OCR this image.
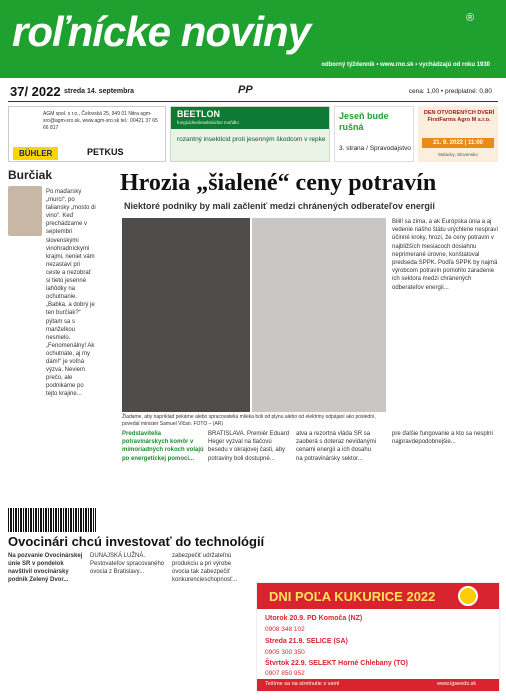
roľnícke noviny	®
odborný týždenník • www.rno.sk • vychádzajú od roku 1930
37/ 2022 streda 14. septembra	PP	cena: 1,00 • predplatné: 0,80
AGM spol. s r.o., Čelovská 25, 949 01 Nitra agm-sro@agm-sro.sk, www.agm-sro.sk tel.: 00421 37 65 66 817
BÜHLER	PETKUS
BEETLON
fungicídne/insekticídne mořidlo
rozantný insekticid proti jesenným škodcom v repke
Jeseň bude rušná
3. strana / Spravodajstvo
DEN OTVORENÝCH DVERÍ FirstFarms Agro M s.r.o.
21. 9. 2022 | 11:00
Malacky, Slovensko
Burčiak
Po maďarsky „murci“, po taliansky „mosto di vino“. Keď prechádzame v septembri slovenskými vinohradníckymi krajmi, neniet vám nezastaví pri ceste a nezobrať si tieto jesenné lahôdky na ochutnanie. „Babka, a dobrý je ten burčiak?“ pýtam sa s manželkou nesmelo. „Fenomenálny! Ak ochutnáte, aj my dám!“ je voľná výzva. Neviem prečo, ale podnikáme po tejto krajine...
Hrozia „šialené“ ceny potravín
Niektoré podniky by mali začleniť medzi chránených odberateľov energií
Žiadame, aby napríklad pekárne alebo spracovatelia mlieka boli od plynu alebo od elektriny odpájaní ako poslední, povedal minister Samuel Vlčan. FOTO – (AR)
Bililí sa zima, a ak Európska únia a aj vedenie nášho štátu urýchlene nespraví účinné kroky, hrozí, že ceny potravín v najbližších mesiacoch dosiahnu neprimerané úrovne, konštatoval predseda SPPK. Podľa SPPK by najmä výrobcom potravín pomohlo zaradenie ich sektora medzi chránených odberateľov energií...
Predstavitelia potravinárskych komôr v mimoriadných rokoch volajú po energetickej pomoci...
BRATISLAVA. Premiér Eduard Heger vyzval na tlačovú besedu v okrajovej časti, aby potraviny boli dostupné...
atva a rezortná vláda SR sa zaoberá s doteraz nevidanými cenami energií a ich dosahu na potravinársky sektor...
pre ďalšie fungovanie a kto sa nesplní najpravdepodobnejšie...
Ovocinári chcú investovať do technológií
Na pozvanie Ovocinárskej únie SR v pondelok navštívil ovocinársky podnik Zelený Dvor...
DUNAJSKÁ LUŽNÁ. Pestovateľov spracovaného ovocia z Bratislavy...
zabezpečiť udržateľnú produkciu a pri výrobe ovocia tak zabezpečiť konkurencieschopnosť...
DNI POĽA KUKURICE 2022
Utorok 20.9. PD Komoča (NZ)
0908 348 102
Streda 21.9. SELICE (SA)
0905 300 350
Štvrtok 22.9. SELEKT Horné Chlebany (TO)
0907 850 952
Tešíme sa na stretnutie s vami	www.lgseeds.sk
